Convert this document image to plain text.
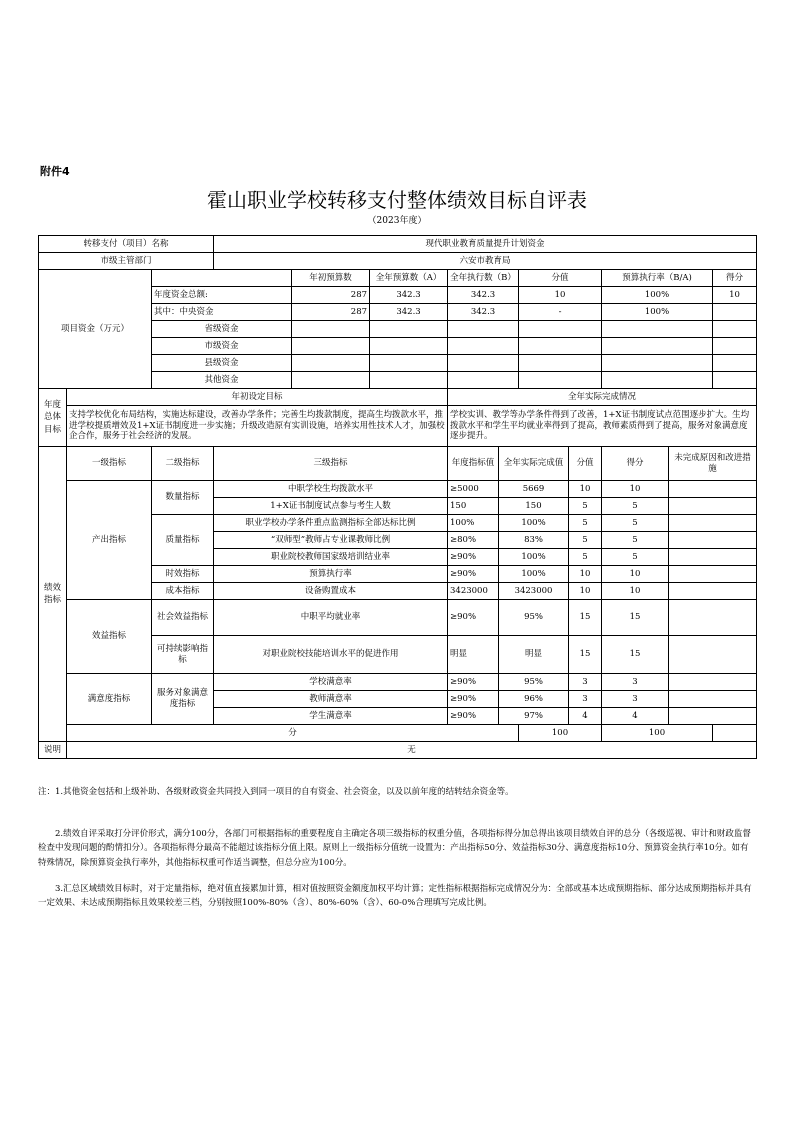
附件4
霍山职业学校转移支付整体绩效目标自评表
（2023年度）
转移支付（项目）名称			现代职业教育质量提升计划资金									
市级主管部门			六安市教育局									
项目资金（万元）				年初预算数	全年预算数（A）	全年执行数（B）		分值		预算执行率（B/A)		得分
		年度资金总额:		287	342.3	342.3		10		100%		10
		其中：中央资金		287	342.3	342.3		-		100%		
		省级资金										
		市级资金										
		县级资金										
		其他资金										
年度总体目标	年初设定目标					全年实际完成情况						
	支持学校优化布局结构，实施达标建设，改善办学条件；完善生均拨款制度，提高生均拨款水平，推进学校提质增效及1+X证书制度进一步实施；升级改造原有实训设施，培养实用性技术人才，加强校企合作，服务于社会经济的发展。					学校实训、教学等办学条件得到了改善，1+X证书制度试点范围逐步扩大。生均拨款水平和学生平均就业率得到了提高，教师素质得到了提高，服务对象满意度逐步提升。						
绩效指标	一级指标	二级指标	三级指标			年度指标值	全年实际完成值		分值	得分	未完成原因和改进措施	
	产出指标	数量指标	中职学校生均拨款水平			≥5000	5669		10	10		
			1+X证书制度试点参与考生人数			150	150		5	5		
		质量指标	职业学校办学条件重点监测指标全部达标比例			100%	100%		5	5		
			“双师型”教师占专业课教师比例			≥80%	83%		5	5		
			职业院校教师国家级培训结业率			≥90%	100%		5	5		
		时效指标	预算执行率			≥90%	100%		10	10		
		成本指标	设备购置成本			3423000	3423000		10	10		
	效益指标	社会效益指标	中职平均就业率			≥90%	95%		15	15		
		可持续影响指标	对职业院校技能培训水平的促进作用			明显	明显		15	15		
	满意度指标	服务对象满意度指标	学校满意率			≥90%	95%		3	3		
			教师满意率			≥90%	96%		3	3		
			学生满意率			≥90%	97%		4	4		
	分							100		100		
说明	无											
注：1.其他资金包括和上级补助、各级财政资金共同投入到同一项目的自有资金、社会资金，以及以前年度的结转结余资金等。
2.绩效自评采取打分评价形式，满分100分，各部门可根据指标的重要程度自主确定各项三级指标的权重分值，各项指标得分加总得出该项目绩效自评的总分（各级巡视、审计和财政监督检查中发现问题的酌情扣分）。各项指标得分最高不能超过该指标分值上限。原则上一级指标分值统一设置为：产出指标50分、效益指标30分、满意度指标10分、预算资金执行率10分。如有特殊情况，除预算资金执行率外，其他指标权重可作适当调整，但总分应为100分。
3.汇总区域绩效目标时，对于定量指标，绝对值直接累加计算，相对值按照资金额度加权平均计算；定性指标根据指标完成情况分为：全部或基本达成预期指标、部分达成预期指标并具有一定效果、未达成预期指标且效果较差三档，分别按照100%-80%（含）、80%-60%（含）、60-0%合理填写完成比例。
